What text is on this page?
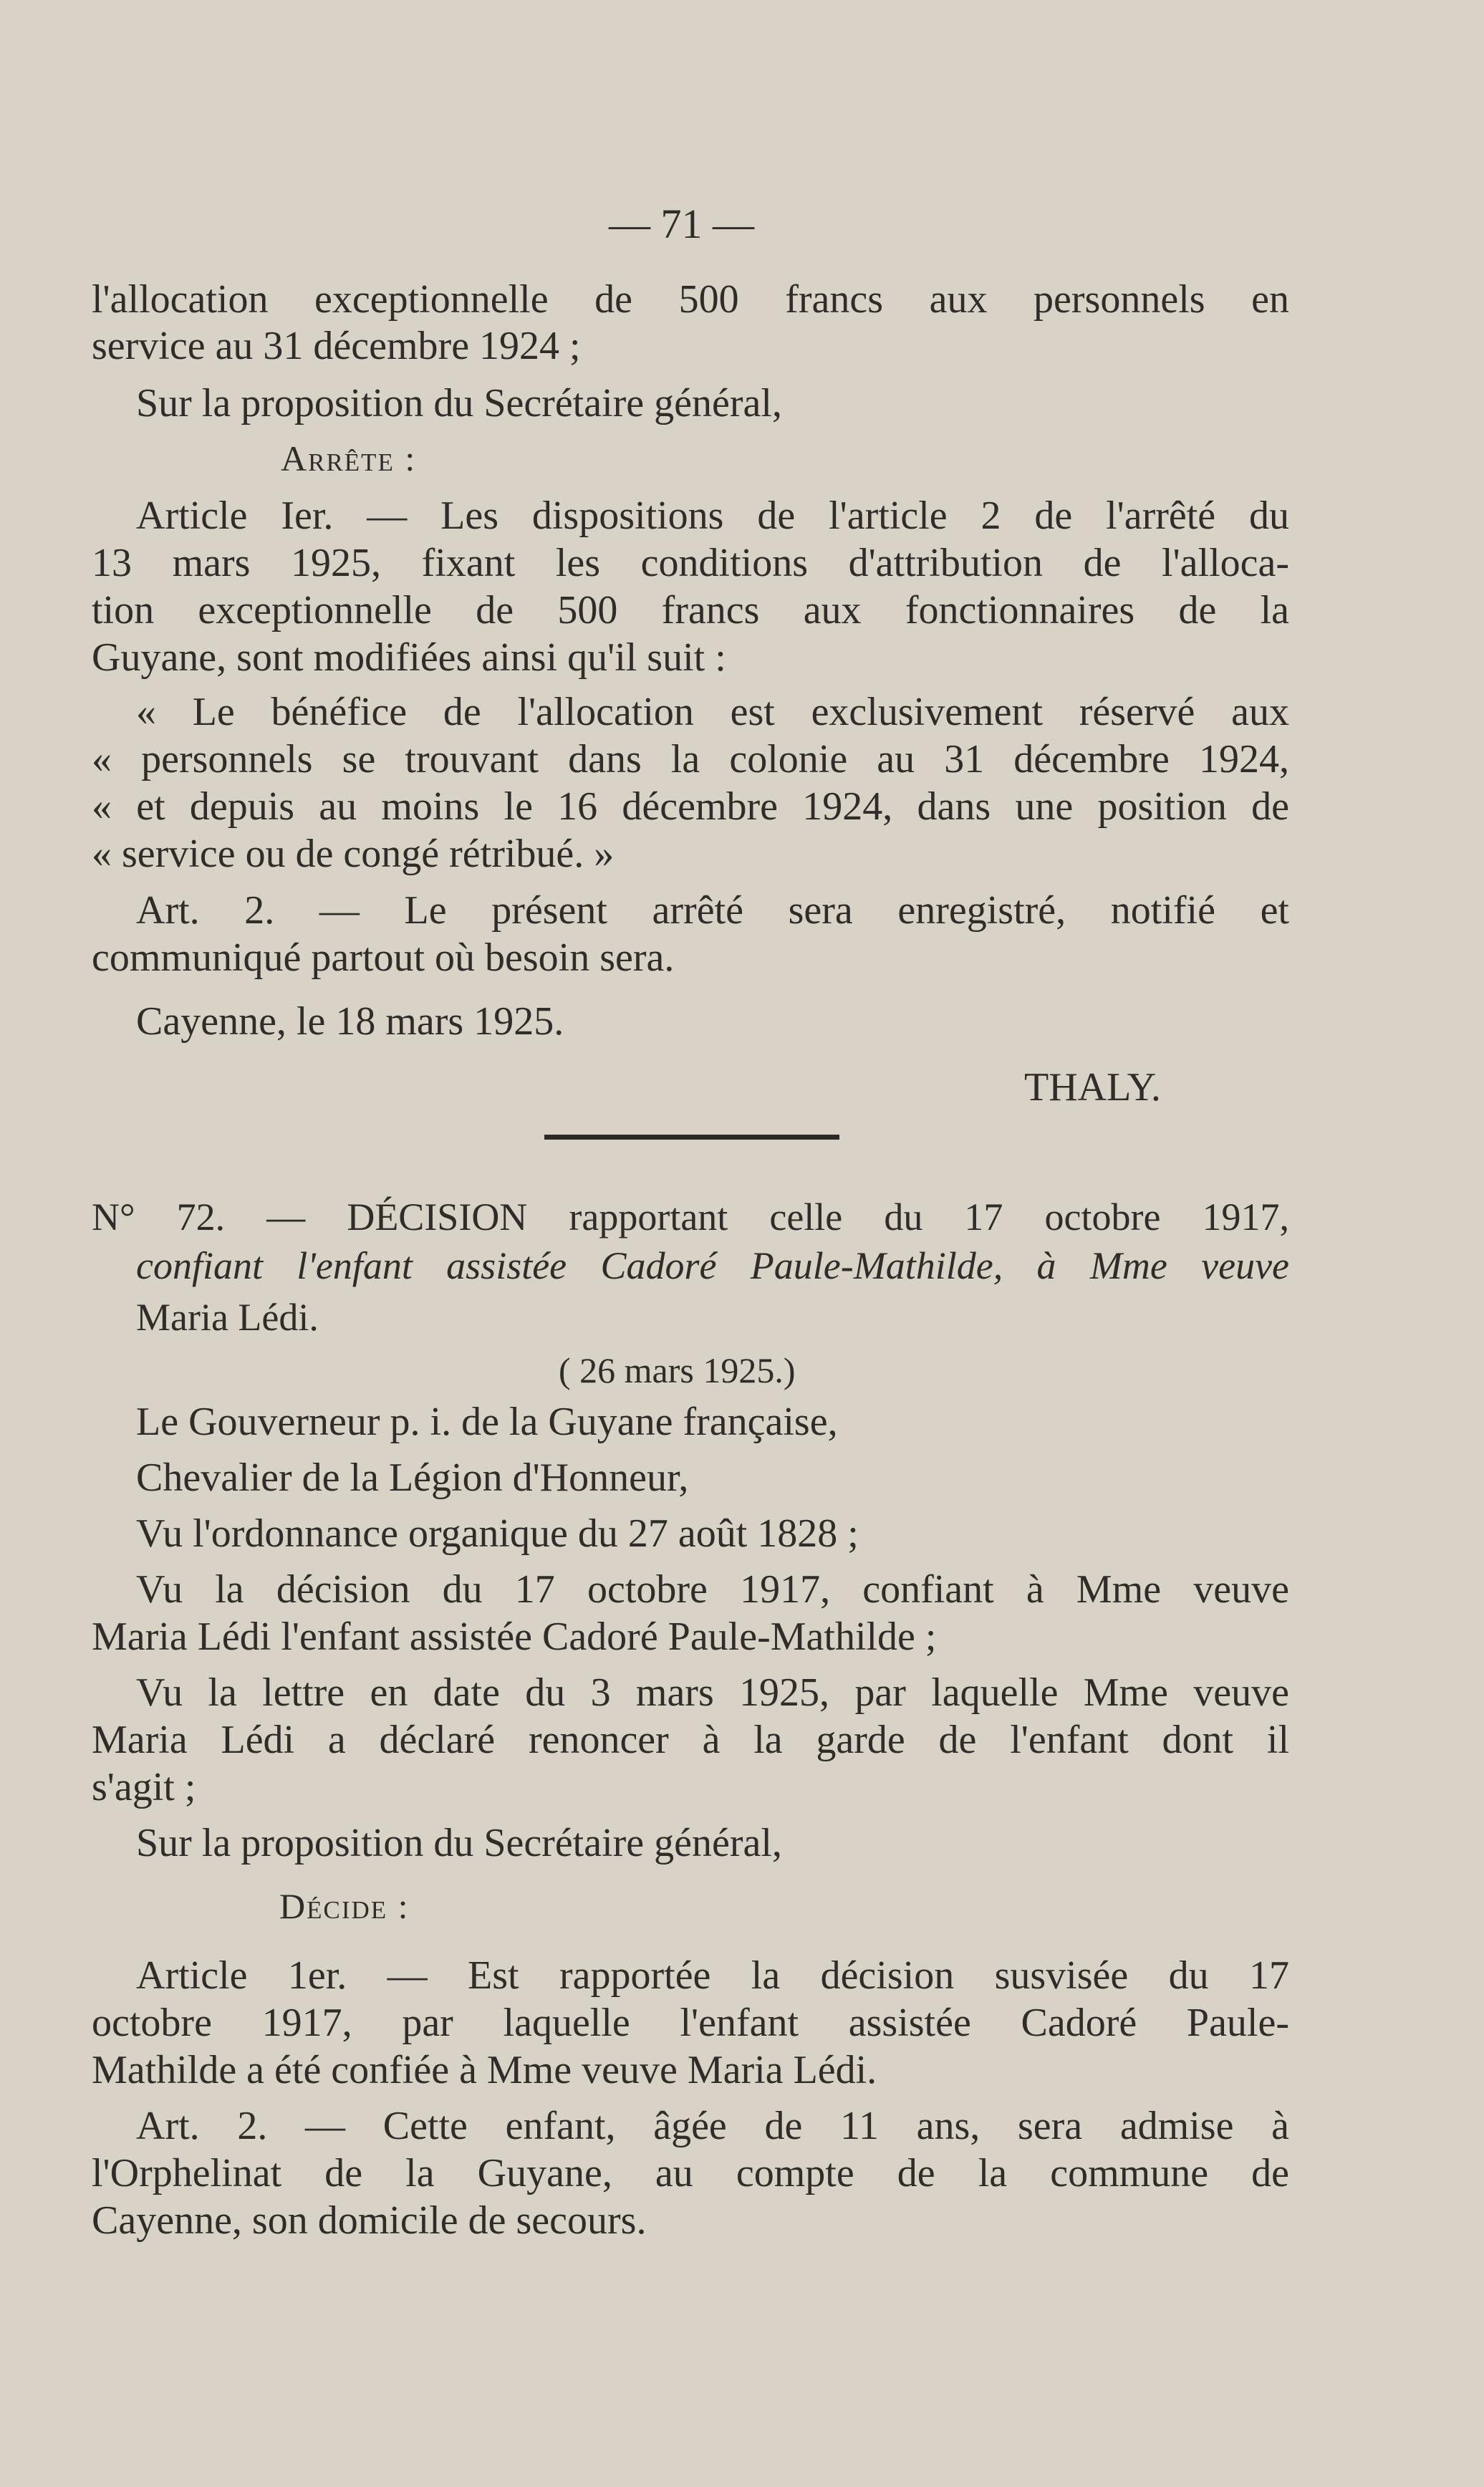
— 71 —
l'allocation exceptionnelle de 500 francs aux personnels en
service au 31 décembre 1924 ;
Sur la proposition du Secrétaire général,
Arrête :
Article Ier. — Les dispositions de l'article 2 de l'arrêté du
13 mars 1925, fixant les conditions d'attribution de l'alloca-
tion exceptionnelle de 500 francs aux fonctionnaires de la
Guyane, sont modifiées ainsi qu'il suit :
« Le bénéfice de l'allocation est exclusivement réservé aux
« personnels se trouvant dans la colonie au 31 décembre 1924,
« et depuis au moins le 16 décembre 1924, dans une position de
« service ou de congé rétribué. »
Art. 2. — Le présent arrêté sera enregistré, notifié et
communiqué partout où besoin sera.
Cayenne, le 18 mars 1925.
THALY.
N° 72. — DÉCISION rapportant celle du 17 octobre 1917,
confiant l'enfant assistée Cadoré Paule-Mathilde, à Mme veuve
Maria Lédi.
( 26 mars 1925.)
Le Gouverneur p. i. de la Guyane française,
Chevalier de la Légion d'Honneur,
Vu l'ordonnance organique du 27 août 1828 ;
Vu la décision du 17 octobre 1917, confiant à Mme veuve
Maria Lédi l'enfant assistée Cadoré Paule-Mathilde ;
Vu la lettre en date du 3 mars 1925, par laquelle Mme veuve
Maria Lédi a déclaré renoncer à la garde de l'enfant dont il
s'agit ;
Sur la proposition du Secrétaire général,
Décide :
Article 1er. — Est rapportée la décision susvisée du 17
octobre 1917, par laquelle l'enfant assistée Cadoré Paule-
Mathilde a été confiée à Mme veuve Maria Lédi.
Art. 2. — Cette enfant, âgée de 11 ans, sera admise à
l'Orphelinat de la Guyane, au compte de la commune de
Cayenne, son domicile de secours.
